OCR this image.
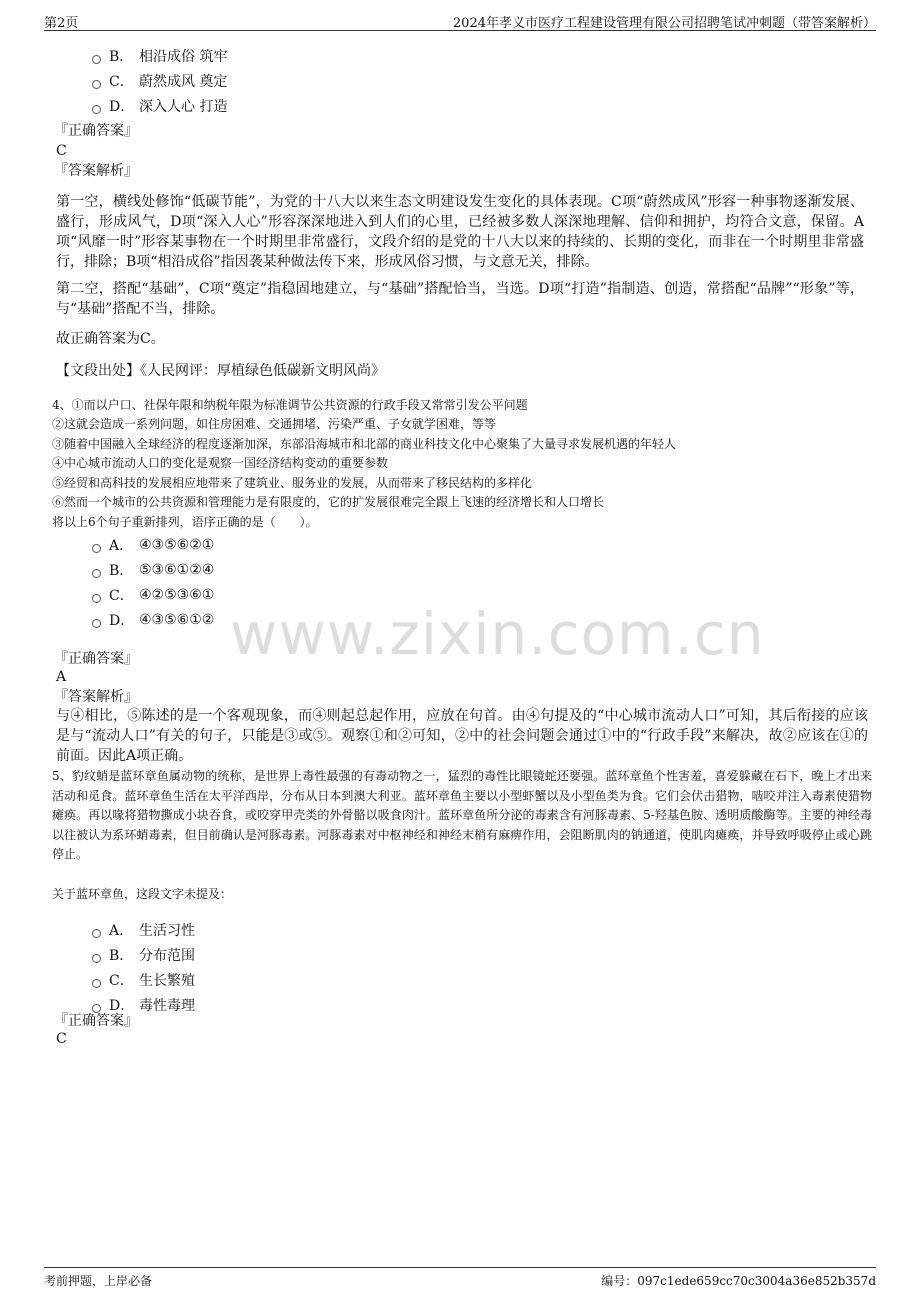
第2页	2024年孝义市医疗工程建设管理有限公司招聘笔试冲刺题（带答案解析）
B． 相沿成俗 筑牢
C． 蔚然成风 奠定
D． 深入人心 打造
『正确答案』
C
『答案解析』
第一空，横线处修饰“低碳节能”，为党的十八大以来生态文明建设发生变化的具体表现。C项“蔚然成风”形容一种事物逐渐发展、盛行，形成风气，D项“深入人心”形容深深地进入到人们的心里，已经被多数人深深地理解、信仰和拥护，均符合文意，保留。A项“风靡一时”形容某事物在一个时期里非常盛行，文段介绍的是党的十八大以来的持续的、长期的变化，而非在一个时期里非常盛行，排除；B项“相沿成俗”指因袭某种做法传下来，形成风俗习惯，与文意无关，排除。
第二空，搭配“基础”，C项“奠定”指稳固地建立，与“基础”搭配恰当，当选。D项“打造”指制造、创造，常搭配“品牌”“形象”等，与“基础”搭配不当，排除。
故正确答案为C。
【文段出处】《人民网评：厚植绿色低碳新文明风尚》
4、①而以户口、社保年限和纳税年限为标准调节公共资源的行政手段又常常引发公平问题
②这就会造成一系列问题，如住房困难、交通拥堵、污染严重、子女就学困难，等等
③随着中国融入全球经济的程度逐渐加深，东部沿海城市和北部的商业科技文化中心聚集了大量寻求发展机遇的年轻人
④中心城市流动人口的变化是观察一国经济结构变动的重要参数
⑤经贸和高科技的发展相应地带来了建筑业、服务业的发展，从而带来了移民结构的多样化
⑥然而一个城市的公共资源和管理能力是有限度的，它的扩发展很难完全跟上飞速的经济增长和人口增长
将以上6个句子重新排列，语序正确的是（　　）。
A． ④③⑤⑥②①
B． ⑤③⑥①②④
C． ④②⑤③⑥①
D． ④③⑤⑥①② www.zixin.com.cn
『正确答案』
A
『答案解析』
与④相比，⑤陈述的是一个客观现象，而④则起总起作用，应放在句首。由④句提及的“中心城市流动人口”可知，其后衔接的应该是与“流动人口”有关的句子，只能是③或⑤。观察①和②可知，②中的社会问题会通过①中的“行政手段”来解决，故②应该在①的前面。因此A项正确。
5、豹纹蛸是蓝环章鱼属动物的统称，是世界上毒性最强的有毒动物之一，猛烈的毒性比眼镜蛇还要强。蓝环章鱼个性害羞，喜爱躲藏在石下，晚上才出来活动和觅食。蓝环章鱼生活在太平洋西岸，分布从日本到澳大利亚。蓝环章鱼主要以小型虾蟹以及小型鱼类为食。它们会伏击猎物，啮咬并注入毒素使猎物瘫痪。再以喙将猎物撕成小块吞食，或咬穿甲壳类的外骨骼以吸食肉汁。蓝环章鱼所分泌的毒素含有河豚毒素、5-羟基色胺、透明质酸酶等。主要的神经毒以往被认为系环蛸毒素，但目前确认是河豚毒素。河豚毒素对中枢神经和神经末梢有麻痹作用，会阻断肌肉的钠通道，使肌肉瘫痪，并导致呼吸停止或心跳停止。
关于蓝环章鱼，这段文字未提及：
A． 生活习性
B． 分布范围
C． 生长繁殖
D． 毒性毒理
『正确答案』
C
考前押题，上岸必备	编号：097c1ede659cc70c3004a36e852b357d
